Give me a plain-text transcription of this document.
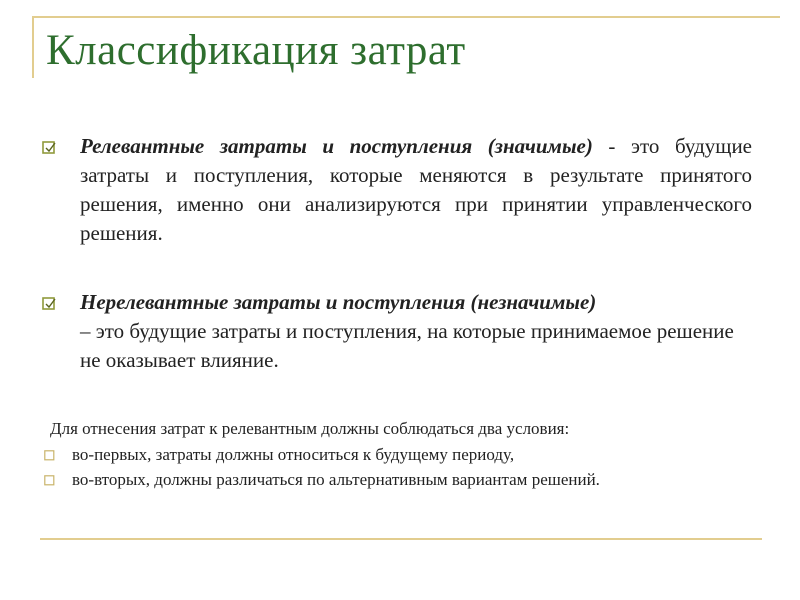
Классификация затрат
Релевантные затраты и поступления (значимые) - это будущие затраты и поступления, которые меняются в результате принятого решения, именно они анализируются при принятии управленческого решения.
Нерелевантные затраты и поступления (незначимые)
– это будущие затраты и поступления, на которые принимаемое решение не оказывает влияние.
Для отнесения затрат к релевантным должны соблюдаться два условия:
во-первых, затраты должны относиться к будущему периоду,
во-вторых, должны различаться по альтернативным вариантам решений.
